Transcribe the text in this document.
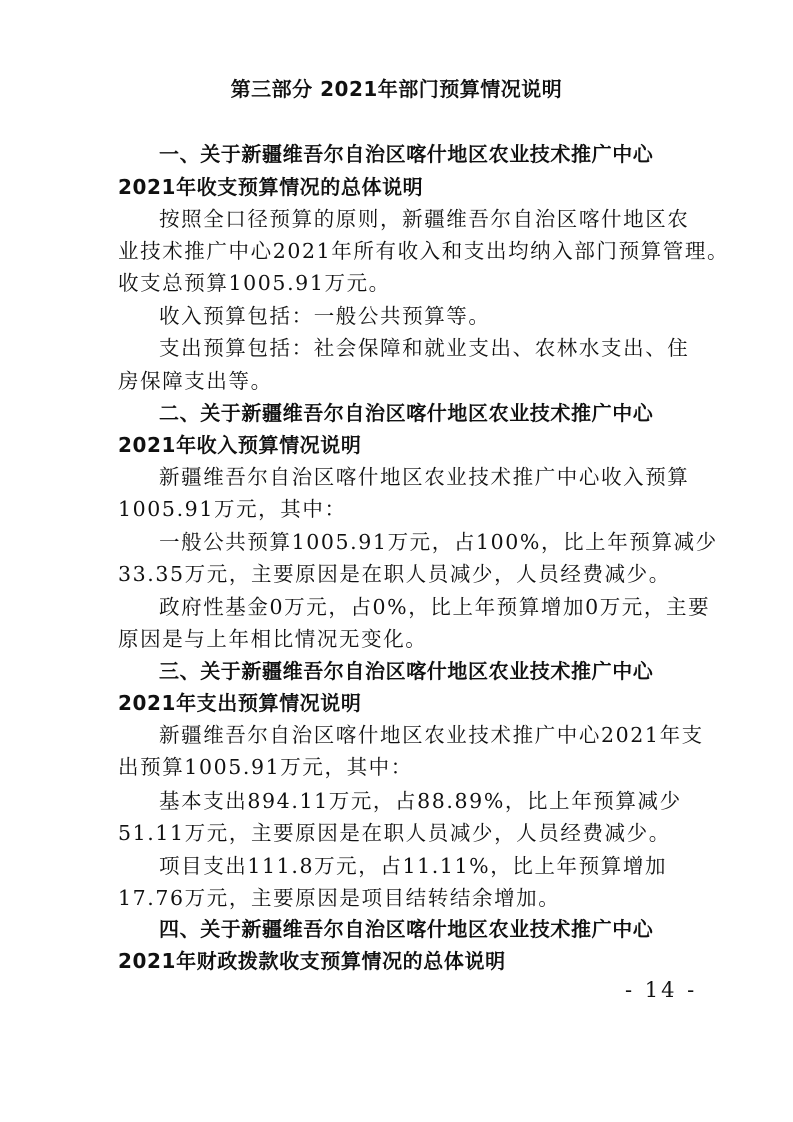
第三部分 2021年部门预算情况说明
一、关于新疆维吾尔自治区喀什地区农业技术推广中心
2021年收支预算情况的总体说明
按照全口径预算的原则，新疆维吾尔自治区喀什地区农
业技术推广中心2021年所有收入和支出均纳入部门预算管理。
收支总预算1005.91万元。
收入预算包括：一般公共预算等。
支出预算包括：社会保障和就业支出、农林水支出、住
房保障支出等。
二、关于新疆维吾尔自治区喀什地区农业技术推广中心
2021年收入预算情况说明
新疆维吾尔自治区喀什地区农业技术推广中心收入预算
1005.91万元，其中：
一般公共预算1005.91万元，占100%，比上年预算减少
33.35万元，主要原因是在职人员减少，人员经费减少。
政府性基金0万元，占0%，比上年预算增加0万元，主要
原因是与上年相比情况无变化。
三、关于新疆维吾尔自治区喀什地区农业技术推广中心
2021年支出预算情况说明
新疆维吾尔自治区喀什地区农业技术推广中心2021年支
出预算1005.91万元，其中：
基本支出894.11万元，占88.89%，比上年预算减少
51.11万元，主要原因是在职人员减少，人员经费减少。
项目支出111.8万元，占11.11%，比上年预算增加
17.76万元，主要原因是项目结转结余增加。
四、关于新疆维吾尔自治区喀什地区农业技术推广中心
2021年财政拨款收支预算情况的总体说明
- 14 -
